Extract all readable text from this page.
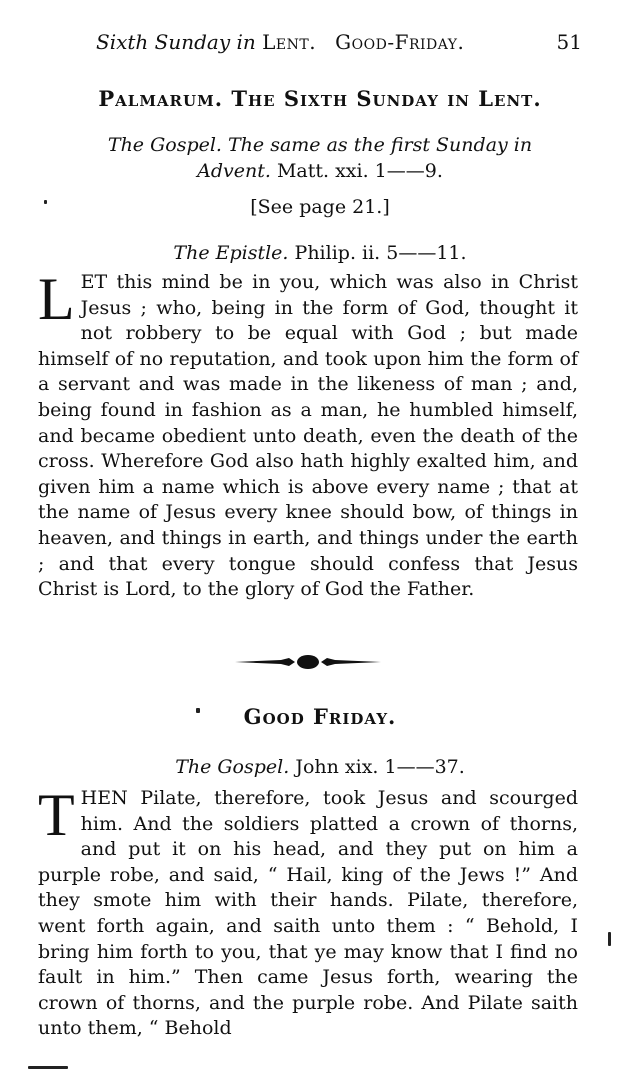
Sixth Sunday in Lent. Good-Friday.	51
Palmarum. The Sixth Sunday in Lent.
The Gospel. The same as the first Sunday in
Advent. Matt. xxi. 1——9.
[See page 21.]
The Epistle. Philip. ii. 5——11.
LET this mind be in you, which was also in Christ Jesus ; who, being in the form of God, thought it not robbery to be equal with God ; but made himself of no reputation, and took upon him the form of a servant and was made in the likeness of man ; and, being found in fashion as a man, he humbled himself, and became obedient unto death, even the death of the cross. Wherefore God also hath highly exalted him, and given him a name which is above every name ; that at the name of Jesus every knee should bow, of things in heaven, and things in earth, and things under the earth ; and that every tongue should confess that Jesus Christ is Lord, to the glory of God the Father.
Good Friday.
The Gospel. John xix. 1——37.
THEN Pilate, therefore, took Jesus and scourged him. And the soldiers platted a crown of thorns, and put it on his head, and they put on him a purple robe, and said, “ Hail, king of the Jews !” And they smote him with their hands. Pilate, therefore, went forth again, and saith unto them : “ Behold, I bring him forth to you, that ye may know that I find no fault in him.” Then came Jesus forth, wearing the crown of thorns, and the purple robe. And Pilate saith unto them, “ Behold
